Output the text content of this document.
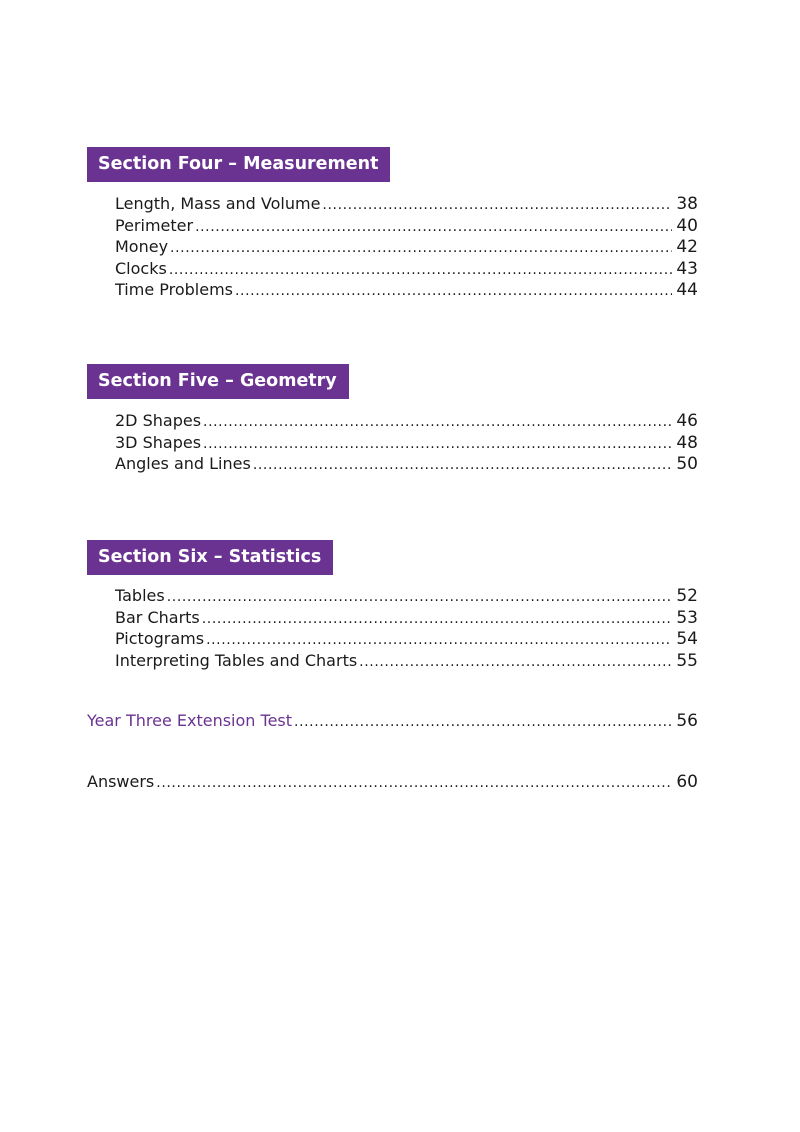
Section Four – Measurement
Length, Mass and Volume .....	38
Perimeter .....	40
Money .....	42
Clocks .....	43
Time Problems .....	44
Section Five – Geometry
2D Shapes .....	46
3D Shapes .....	48
Angles and Lines .....	50
Section Six – Statistics
Tables .....	52
Bar Charts .....	53
Pictograms .....	54
Interpreting Tables and Charts .....	55
Year Three Extension Test .....	56
Answers .....	60
